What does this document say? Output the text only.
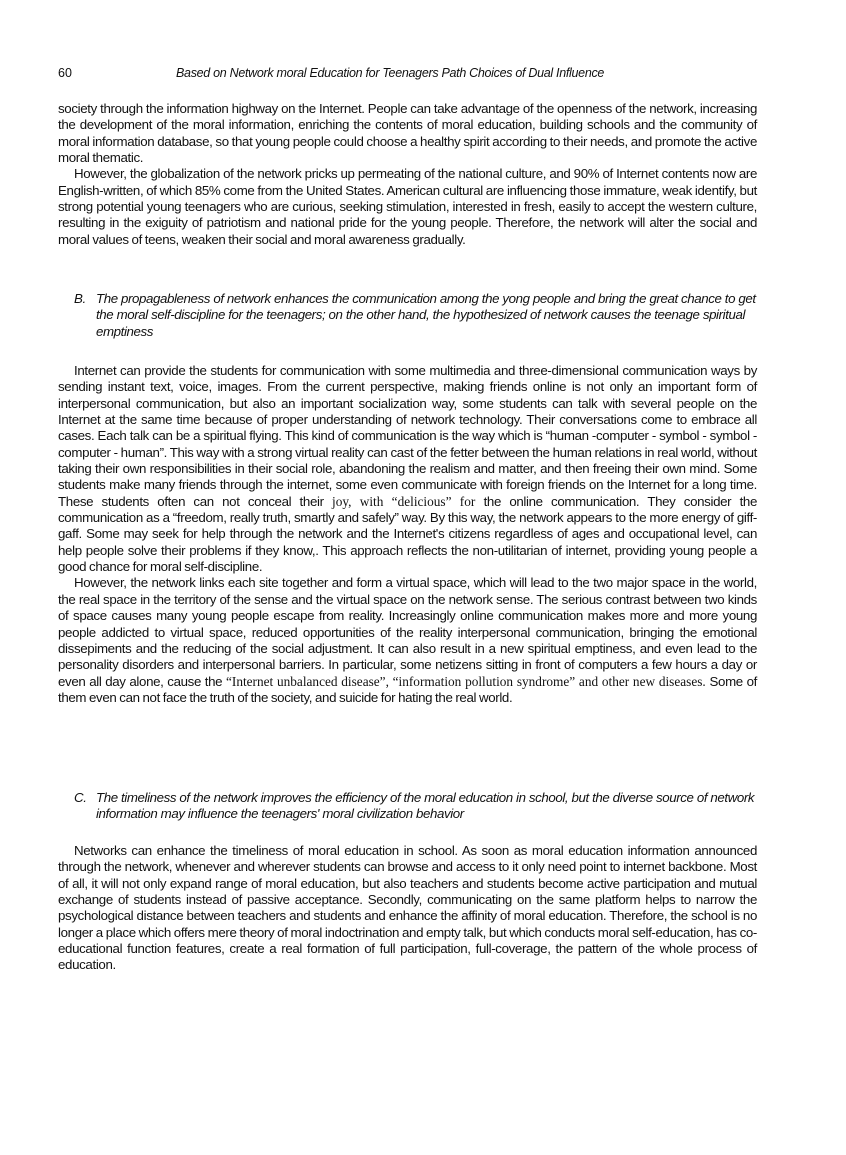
60	Based on Network moral Education for Teenagers Path Choices of Dual Influence

society through the information highway on the Internet. People can take advantage of the openness of the network, increasing the development of the moral information, enriching the contents of moral education, building schools and the community of moral information database, so that young people could choose a healthy spirit according to their needs, and promote the active moral thematic.

However, the globalization of the network pricks up permeating of the national culture, and 90% of Internet contents now are English-written, of which 85% come from the United States. American cultural are influencing those immature, weak identify, but strong potential young teenagers who are curious, seeking stimulation, interested in fresh, easily to accept the western culture, resulting in the exiguity of patriotism and national pride for the young people. Therefore, the network will alter the social and moral values of teens, weaken their social and moral awareness gradually.

B. The propagableness of network enhances the communication among the yong people and bring the great chance to get the moral self-discipline for the teenagers; on the other hand, the hypothesized of network causes the teenage spiritual emptiness

Internet can provide the students for communication with some multimedia and three-dimensional communication ways by sending instant text, voice, images. From the current perspective, making friends online is not only an important form of interpersonal communication, but also an important socialization way, some students can talk with several people on the Internet at the same time because of proper understanding of network technology. Their conversations come to embrace all cases. Each talk can be a spiritual flying. This kind of communication is the way which is “human -computer - symbol - symbol - computer - human”. This way with a strong virtual reality can cast of the fetter between the human relations in real world, without taking their own responsibilities in their social role, abandoning the realism and matter, and then freeing their own mind. Some students make many friends through the internet, some even communicate with foreign friends on the Internet for a long time. These students often can not conceal their joy, with “delicious” for the online communication. They consider the communication as a “freedom, really truth, smartly and safely” way. By this way, the network appears to the more energy of giff-gaff. Some may seek for help through the network and the Internet's citizens regardless of ages and occupational level, can help people solve their problems if they know,. This approach reflects the non-utilitarian of internet, providing young people a good chance for moral self-discipline.

However, the network links each site together and form a virtual space, which will lead to the two major space in the world, the real space in the territory of the sense and the virtual space on the network sense. The serious contrast between two kinds of space causes many young people escape from reality. Increasingly online communication makes more and more young people addicted to virtual space, reduced opportunities of the reality interpersonal communication, bringing the emotional dissepiments and the reducing of the social adjustment. It can also result in a new spiritual emptiness, and even lead to the personality disorders and interpersonal barriers. In particular, some netizens sitting in front of computers a few hours a day or even all day alone, cause the “Internet unbalanced disease”, “information pollution syndrome” and other new diseases. Some of them even can not face the truth of the society, and suicide for hating the real world.

C. The timeliness of the network improves the efficiency of the moral education in school, but the diverse source of network information may influence the teenagers' moral civilization behavior

Networks can enhance the timeliness of moral education in school. As soon as moral education information announced through the network, whenever and wherever students can browse and access to it only need point to internet backbone. Most of all, it will not only expand range of moral education, but also teachers and students become active participation and mutual exchange of students instead of passive acceptance. Secondly, communicating on the same platform helps to narrow the psychological distance between teachers and students and enhance the affinity of moral education. Therefore, the school is no longer a place which offers mere theory of moral indoctrination and empty talk, but which conducts moral self-education, has co-educational function features, create a real formation of full participation, full-coverage, the pattern of the whole process of education.
